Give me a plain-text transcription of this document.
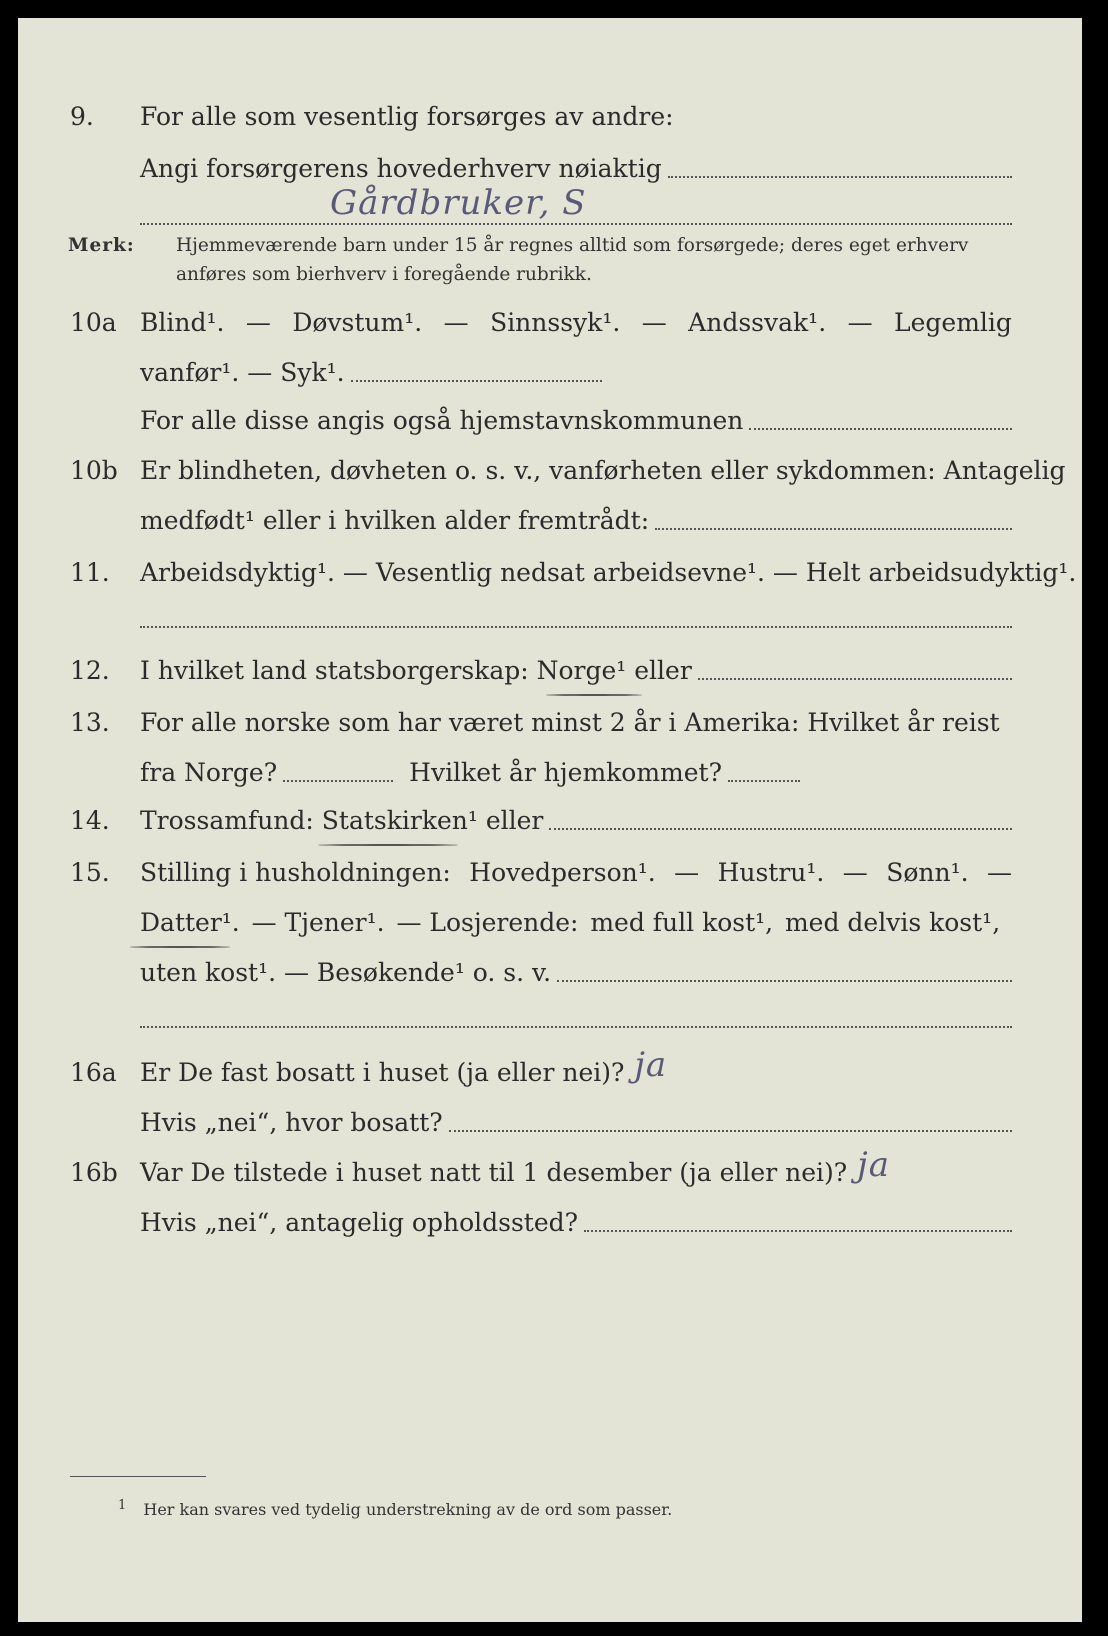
9. For alle som vesentlig forsørges av andre:
Angi forsørgerens hovederhverv nøiaktig
Gårdbruker, S
Merk: Hjemmeværende barn under 15 år regnes alltid som forsørgede; deres eget erhverv
anføres som bierhverv i foregående rubrikk.
10a Blind¹. — Døvstum¹. — Sinnssyk¹. — Andssvak¹. — Legemlig
vanfør¹. — Syk¹.
For alle disse angis også hjemstavnskommunen
10b Er blindheten, døvheten o. s. v., vanførheten eller sykdommen: Antagelig
medfødt¹ eller i hvilken alder fremtrådt:
11. Arbeidsdyktig¹. — Vesentlig nedsat arbeidsevne¹. — Helt arbeidsudyktig¹.
12. I hvilket land statsborgerskap: Norge¹ eller
13. For alle norske som har været minst 2 år i Amerika: Hvilket år reist
fra Norge?	Hvilket år hjemkommet?
14. Trossamfund: Statskirken¹ eller
15. Stilling i husholdningen: Hovedperson¹. — Hustru¹. — Sønn¹. —
Datter¹. — Tjener¹. — Losjerende: med full kost¹, med delvis kost¹,
uten kost¹. — Besøkende¹ o. s. v.
16a Er De fast bosatt i huset (ja eller nei)? ja
Hvis „nei“, hvor bosatt?
16b Var De tilstede i huset natt til 1 desember (ja eller nei)? ja
Hvis „nei“, antagelig opholdssted?
$^1$ Her kan svares ved tydelig understrekning av de ord som passer.
